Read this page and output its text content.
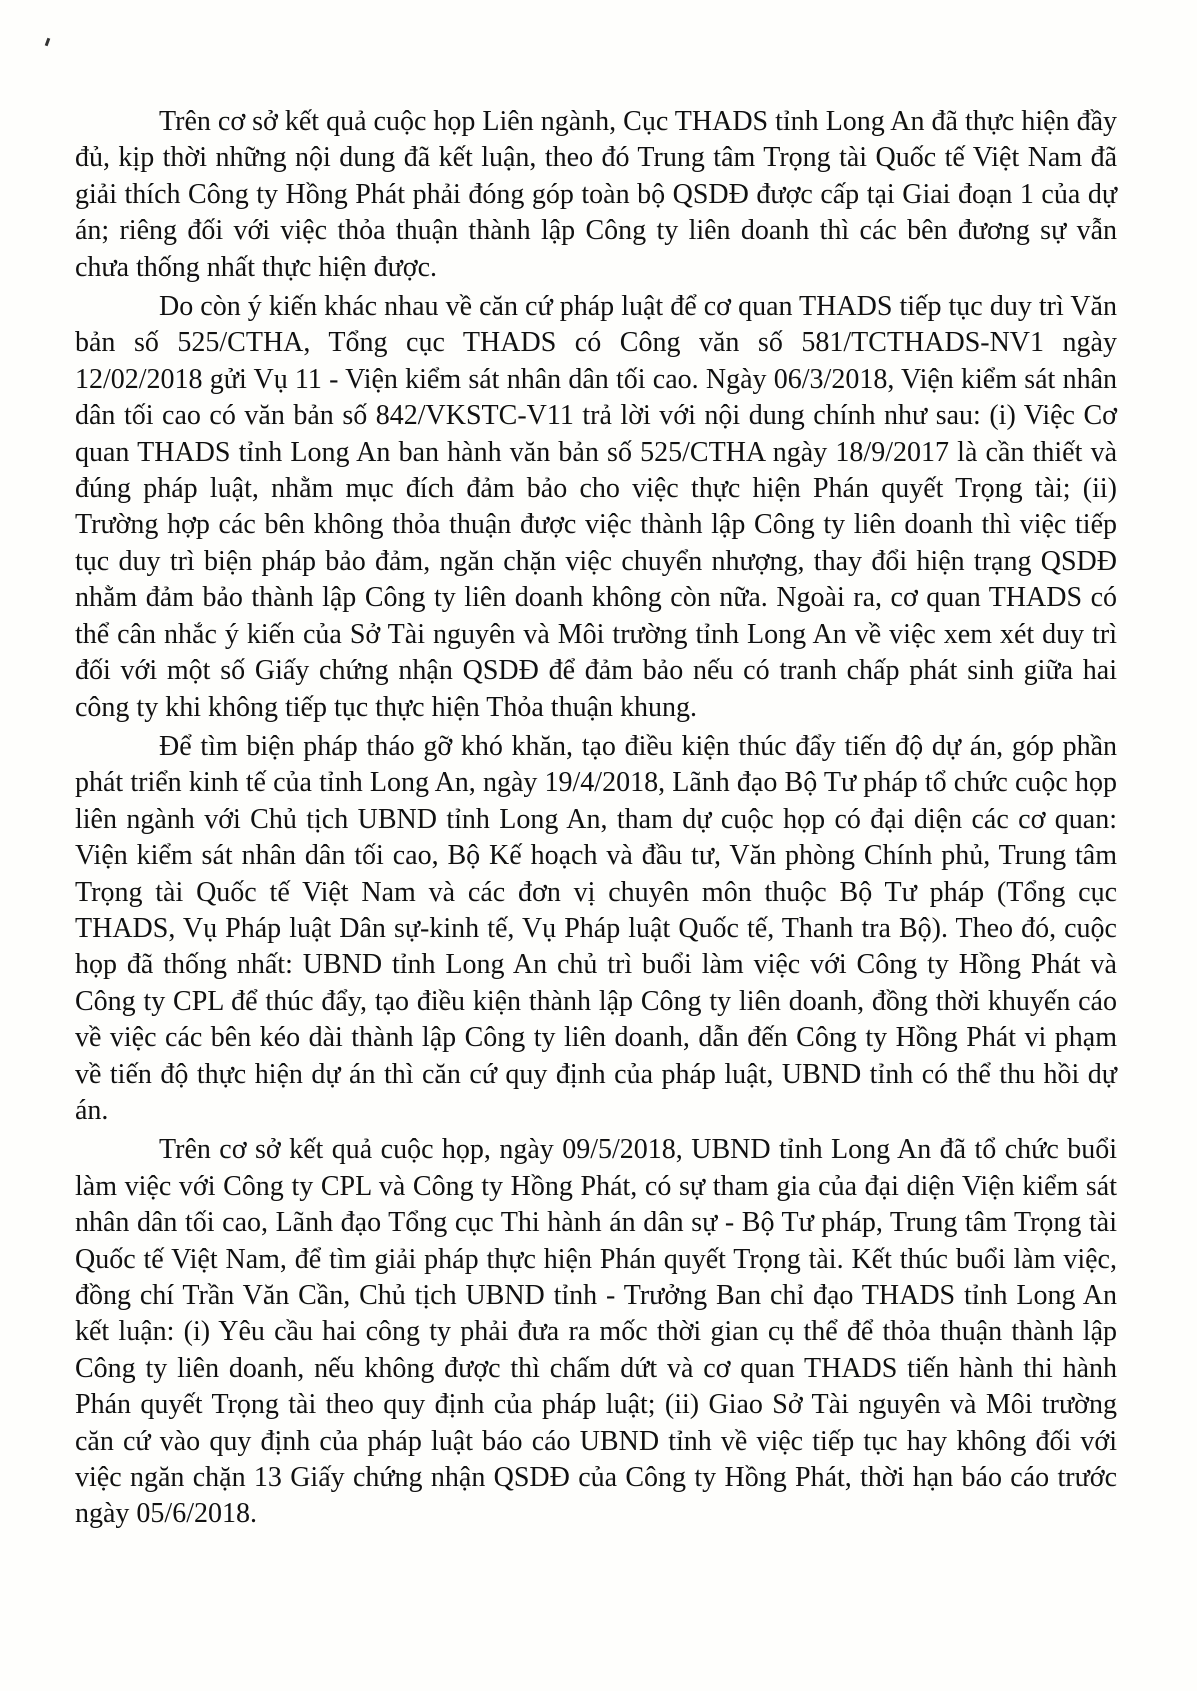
Trên cơ sở kết quả cuộc họp Liên ngành, Cục THADS tỉnh Long An đã thực hiện đầy đủ, kịp thời những nội dung đã kết luận, theo đó Trung tâm Trọng tài Quốc tế Việt Nam đã giải thích Công ty Hồng Phát phải đóng góp toàn bộ QSDĐ được cấp tại Giai đoạn 1 của dự án; riêng đối với việc thỏa thuận thành lập Công ty liên doanh thì các bên đương sự vẫn chưa thống nhất thực hiện được.

Do còn ý kiến khác nhau về căn cứ pháp luật để cơ quan THADS tiếp tục duy trì Văn bản số 525/CTHA, Tổng cục THADS có Công văn số 581/TCTHADS-NV1 ngày 12/02/2018 gửi Vụ 11 - Viện kiểm sát nhân dân tối cao. Ngày 06/3/2018, Viện kiểm sát nhân dân tối cao có văn bản số 842/VKSTC-V11 trả lời với nội dung chính như sau: (i) Việc Cơ quan THADS tỉnh Long An ban hành văn bản số 525/CTHA ngày 18/9/2017 là cần thiết và đúng pháp luật, nhằm mục đích đảm bảo cho việc thực hiện Phán quyết Trọng tài; (ii) Trường hợp các bên không thỏa thuận được việc thành lập Công ty liên doanh thì việc tiếp tục duy trì biện pháp bảo đảm, ngăn chặn việc chuyển nhượng, thay đổi hiện trạng QSDĐ nhằm đảm bảo thành lập Công ty liên doanh không còn nữa. Ngoài ra, cơ quan THADS có thể cân nhắc ý kiến của Sở Tài nguyên và Môi trường tỉnh Long An về việc xem xét duy trì đối với một số Giấy chứng nhận QSDĐ để đảm bảo nếu có tranh chấp phát sinh giữa hai công ty khi không tiếp tục thực hiện Thỏa thuận khung.

Để tìm biện pháp tháo gỡ khó khăn, tạo điều kiện thúc đẩy tiến độ dự án, góp phần phát triển kinh tế của tỉnh Long An, ngày 19/4/2018, Lãnh đạo Bộ Tư pháp tổ chức cuộc họp liên ngành với Chủ tịch UBND tỉnh Long An, tham dự cuộc họp có đại diện các cơ quan: Viện kiểm sát nhân dân tối cao, Bộ Kế hoạch và đầu tư, Văn phòng Chính phủ, Trung tâm Trọng tài Quốc tế Việt Nam và các đơn vị chuyên môn thuộc Bộ Tư pháp (Tổng cục THADS, Vụ Pháp luật Dân sự-kinh tế, Vụ Pháp luật Quốc tế, Thanh tra Bộ). Theo đó, cuộc họp đã thống nhất: UBND tỉnh Long An chủ trì buổi làm việc với Công ty Hồng Phát và Công ty CPL để thúc đẩy, tạo điều kiện thành lập Công ty liên doanh, đồng thời khuyến cáo về việc các bên kéo dài thành lập Công ty liên doanh, dẫn đến Công ty Hồng Phát vi phạm về tiến độ thực hiện dự án thì căn cứ quy định của pháp luật, UBND tỉnh có thể thu hồi dự án.

Trên cơ sở kết quả cuộc họp, ngày 09/5/2018, UBND tỉnh Long An đã tổ chức buổi làm việc với Công ty CPL và Công ty Hồng Phát, có sự tham gia của đại diện Viện kiểm sát nhân dân tối cao, Lãnh đạo Tổng cục Thi hành án dân sự - Bộ Tư pháp, Trung tâm Trọng tài Quốc tế Việt Nam, để tìm giải pháp thực hiện Phán quyết Trọng tài. Kết thúc buổi làm việc, đồng chí Trần Văn Cần, Chủ tịch UBND tỉnh - Trưởng Ban chỉ đạo THADS tỉnh Long An kết luận: (i) Yêu cầu hai công ty phải đưa ra mốc thời gian cụ thể để thỏa thuận thành lập Công ty liên doanh, nếu không được thì chấm dứt và cơ quan THADS tiến hành thi hành Phán quyết Trọng tài theo quy định của pháp luật; (ii) Giao Sở Tài nguyên và Môi trường căn cứ vào quy định của pháp luật báo cáo UBND tỉnh về việc tiếp tục hay không đối với việc ngăn chặn 13 Giấy chứng nhận QSDĐ của Công ty Hồng Phát, thời hạn báo cáo trước ngày 05/6/2018.
